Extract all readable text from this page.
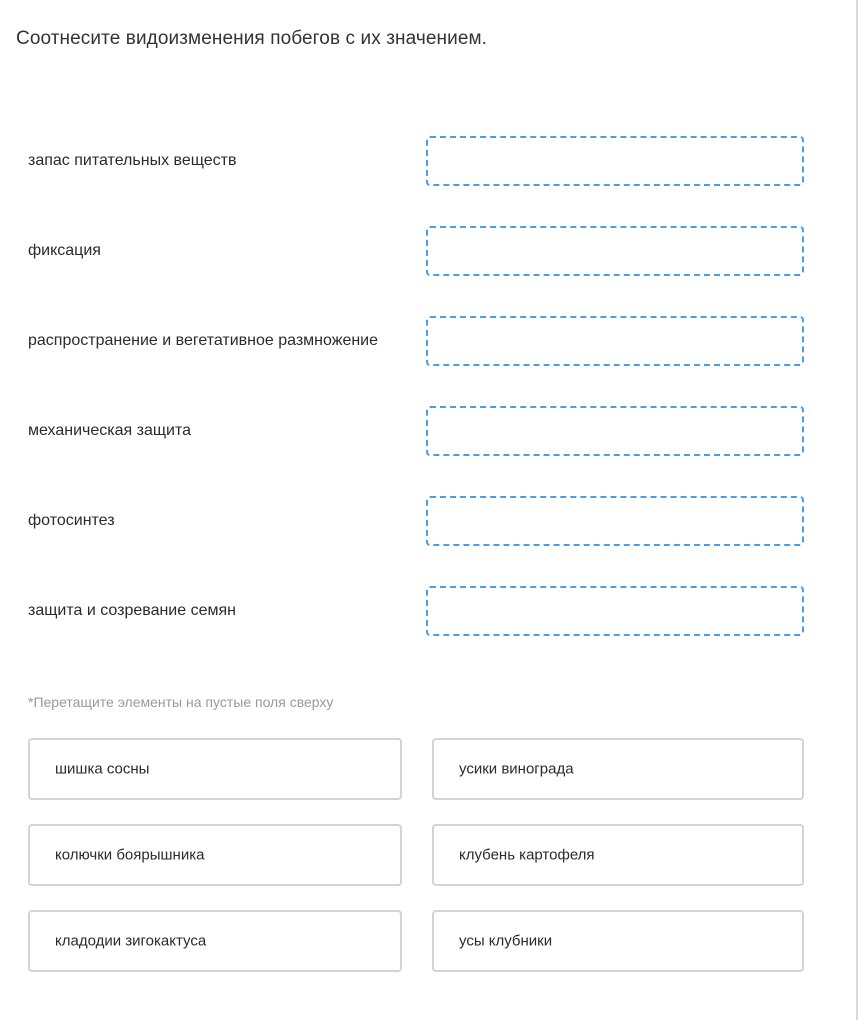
Соотнесите видоизменения побегов с их значением.
запас питательных веществ
фиксация
распространение и вегетативное размножение
механическая защита
фотосинтез
защита и созревание семян
*Перетащите элементы на пустые поля сверху
шишка сосны	усики винограда
колючки боярышника	клубень картофеля
кладодии зигокактуса	усы клубники
